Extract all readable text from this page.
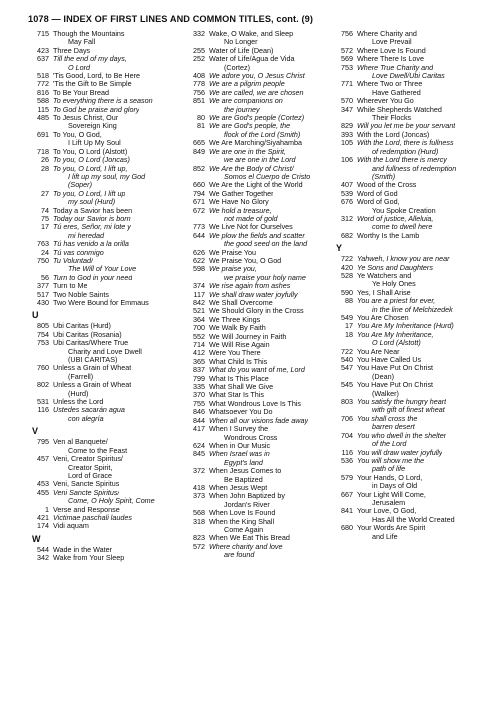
1078 — INDEX OF FIRST LINES AND COMMON TITLES, cont. (9)
715 Though the Mountains
May Fall
423 Three Days
637 Till the end of my days,
O Lord
518 'Tis Good, Lord, to Be Here
772 'Tis the Gift to Be Simple
816 To Be Your Bread
588 To everything there is a season
115 To God be praise and glory
485 To Jesus Christ, Our
Sovereign King
691 To You, O God,
I Lift Up My Soul
718 To You, O Lord (Alstott)
26 To you, O Lord (Joncas)
28 To you, O Lord, I lift up,
I lift up my soul, my God
(Soper)
27 To you, O Lord, I lift up
my soul (Hurd)
74 Today a Savior has been
75 Today our Savior is born
17 Tú eres, Señor, mi lote y
mi heredad
763 Tú has venido a la orilla
24 Tú vas conmigo
750 Tu Voluntad/
The Will of Your Love
56 Turn to God in your need
377 Turn to Me
517 Two Noble Saints
430 Two Were Bound for Emmaus
U
805 Ubi Caritas (Hurd)
754 Ubi Caritas (Rosania)
753 Ubi Caritas/Where True
Charity and Love Dwell
(UBI CARITAS)
760 Unless a Grain of Wheat
(Farrell)
802 Unless a Grain of Wheat
(Hurd)
531 Unless the Lord
116 Ustedes sacarán agua
con alegría
V
795 Ven al Banquete/
Come to the Feast
457 Veni, Creator Spiritus/
Creator Spirit,
Lord of Grace
453 Veni, Sancte Spiritus
455 Veni Sancte Spiritus/
Come, O Holy Spirit, Come
1 Verse and Response
421 Victimae paschali laudes
174 Vidi aquam
W
544 Wade in the Water
342 Wake from Your Sleep
332 Wake, O Wake, and Sleep
No Longer
255 Water of Life (Dean)
252 Water of Life/Agua de Vida
(Cortez)
408 We adore you, O Jesus Christ
778 We are a pilgrim people
756 We are called, we are chosen
851 We are companions on
the journey
80 We are God's people (Cortez)
81 We are God's people, the
flock of the Lord (Smith)
665 We Are Marching/Siyahamba
849 We are one in the Spirit,
we are one in the Lord
852 We Are the Body of Christ/
Somos el Cuerpo de Cristo
660 We Are the Light of the World
794 We Gather Together
671 We Have No Glory
672 We hold a treasure,
not made of gold
773 We Live Not for Ourselves
644 We plow the fields and scatter
the good seed on the land
626 We Praise You
622 We Praise You, O God
598 We praise you,
we praise your holy name
374 We rise again from ashes
117 We shall draw water joyfully
842 We Shall Overcome
521 We Should Glory in the Cross
364 We Three Kings
700 We Walk By Faith
552 We Will Journey in Faith
714 We Will Rise Again
412 Were You There
365 What Child Is This
837 What do you want of me, Lord
799 What Is This Place
335 What Shall We Give
370 What Star Is This
755 What Wondrous Love Is This
846 Whatsoever You Do
844 When all our visions fade away
417 When I Survey the
Wondrous Cross
624 When in Our Music
845 When Israel was in
Egypt's land
372 When Jesus Comes to
Be Baptized
418 When Jesus Wept
373 When John Baptized by
Jordan's River
568 When Love Is Found
318 When the King Shall
Come Again
823 When We Eat This Bread
572 Where charity and love
are found
756 Where Charity and
Love Prevail
572 Where Love Is Found
569 Where There Is Love
753 Where True Charity and
Love Dwell/Ubi Caritas
771 Where Two or Three
Have Gathered
570 Wherever You Go
347 While Shepherds Watched
Their Flocks
829 Will you let me be your servant
393 With the Lord (Joncas)
105 With the Lord, there is fullness
of redemption (Hurd)
106 With the Lord there is mercy
and fullness of redemption
(Smith)
407 Wood of the Cross
539 Word of God
676 Word of God,
You Spoke Creation
312 Word of justice, Alleluia,
come to dwell here
682 Worthy Is the Lamb
Y
722 Yahweh, I know you are near
420 Ye Sons and Daughters
528 Ye Watchers and
Ye Holy Ones
590 Yes, I Shall Arise
88 You are a priest for ever,
in the line of Melchizedek
549 You Are Chosen
17 You Are My Inheritance (Hurd)
18 You Are My Inheritance,
O Lord (Alstott)
722 You Are Near
540 You Have Called Us
547 You Have Put On Christ
(Dean)
545 You Have Put On Christ
(Walker)
803 You satisfy the hungry heart
with gift of finest wheat
706 You shall cross the
barren desert
704 You who dwell in the shelter
of the Lord
116 You will draw water joyfully
536 You will show me the
path of life
579 Your Hands, O Lord,
in Days of Old
667 Your Light Will Come,
Jerusalem
841 Your Love, O God,
Has All the World Created
680 Your Words Are Spirit
and Life
